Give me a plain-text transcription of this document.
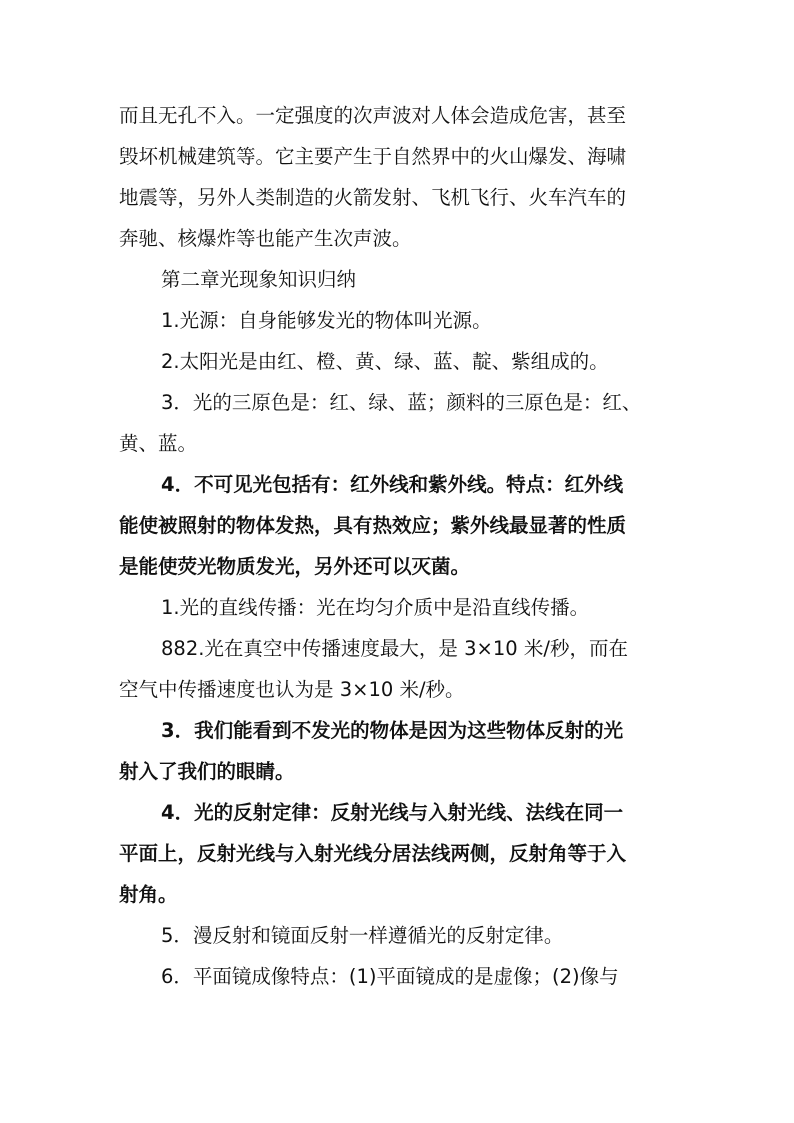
而且无孔不入。一定强度的次声波对人体会造成危害，甚至
毁坏机械建筑等。它主要产生于自然界中的火山爆发、海啸
地震等，另外人类制造的火箭发射、飞机飞行、火车汽车的
奔驰、核爆炸等也能产生次声波。
第二章光现象知识归纳
1.光源：自身能够发光的物体叫光源。
2.太阳光是由红、橙、黄、绿、蓝、靛、紫组成的。
3．光的三原色是：红、绿、蓝；颜料的三原色是：红、
黄、蓝。
4．不可见光包括有：红外线和紫外线。特点：红外线
能使被照射的物体发热，具有热效应；紫外线最显著的性质
是能使荧光物质发光，另外还可以灭菌。
1.光的直线传播：光在均匀介质中是沿直线传播。
882.光在真空中传播速度最大，是 3×10 米/秒，而在
空气中传播速度也认为是 3×10 米/秒。
3．我们能看到不发光的物体是因为这些物体反射的光
射入了我们的眼睛。
4．光的反射定律：反射光线与入射光线、法线在同一
平面上，反射光线与入射光线分居法线两侧，反射角等于入
射角。
5．漫反射和镜面反射一样遵循光的反射定律。
6．平面镜成像特点：(1)平面镜成的是虚像；(2)像与
